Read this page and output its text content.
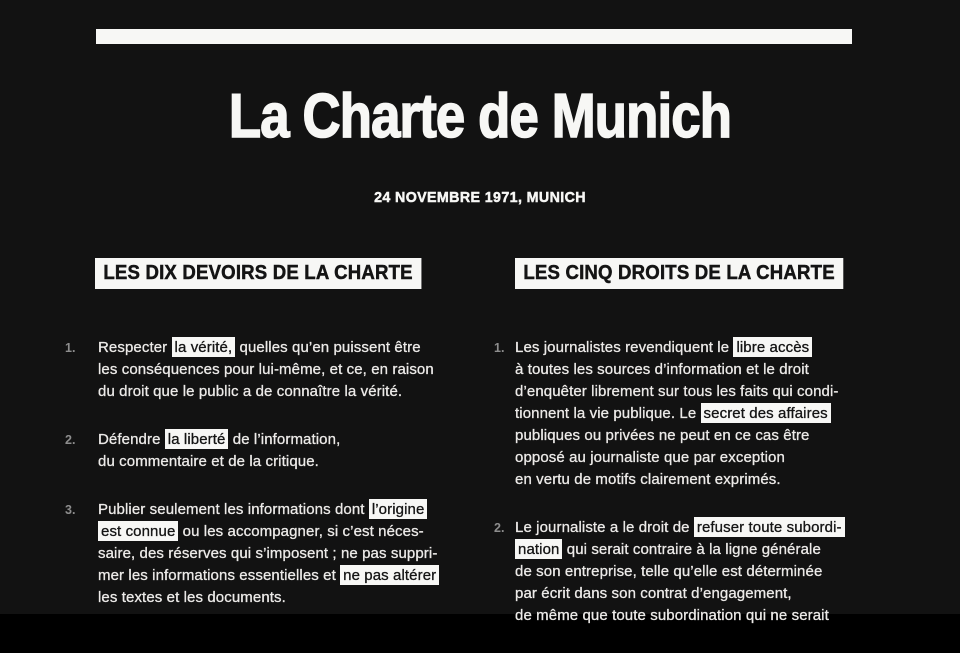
La Charte de Munich
24 NOVEMBRE 1971, MUNICH
LES DIX DEVOIRS DE LA CHARTE	LES CINQ DROITS DE LA CHARTE
1.	Respecter la vérité, quelles qu’en puissent être
les conséquences pour lui-même, et ce, en raison
du droit que le public a de connaître la vérité.
2.	Défendre la liberté de l’information,
du commentaire et de la critique.
3.	Publier seulement les informations dont l’origine
est connue ou les accompagner, si c’est néces-
saire, des réserves qui s’imposent ; ne pas suppri-
mer les informations essentielles et ne pas altérer
les textes et les documents.
1. Les journalistes revendiquent le libre accès
à toutes les sources d’information et le droit
d’enquêter librement sur tous les faits qui condi-
tionnent la vie publique. Le secret des affaires
publiques ou privées ne peut en ce cas être
opposé au journaliste que par exception
en vertu de motifs clairement exprimés.
2. Le journaliste a le droit de refuser toute subordi-
nation qui serait contraire à la ligne générale
de son entreprise, telle qu’elle est déterminée
par écrit dans son contrat d’engagement,
de même que toute subordination qui ne serait
